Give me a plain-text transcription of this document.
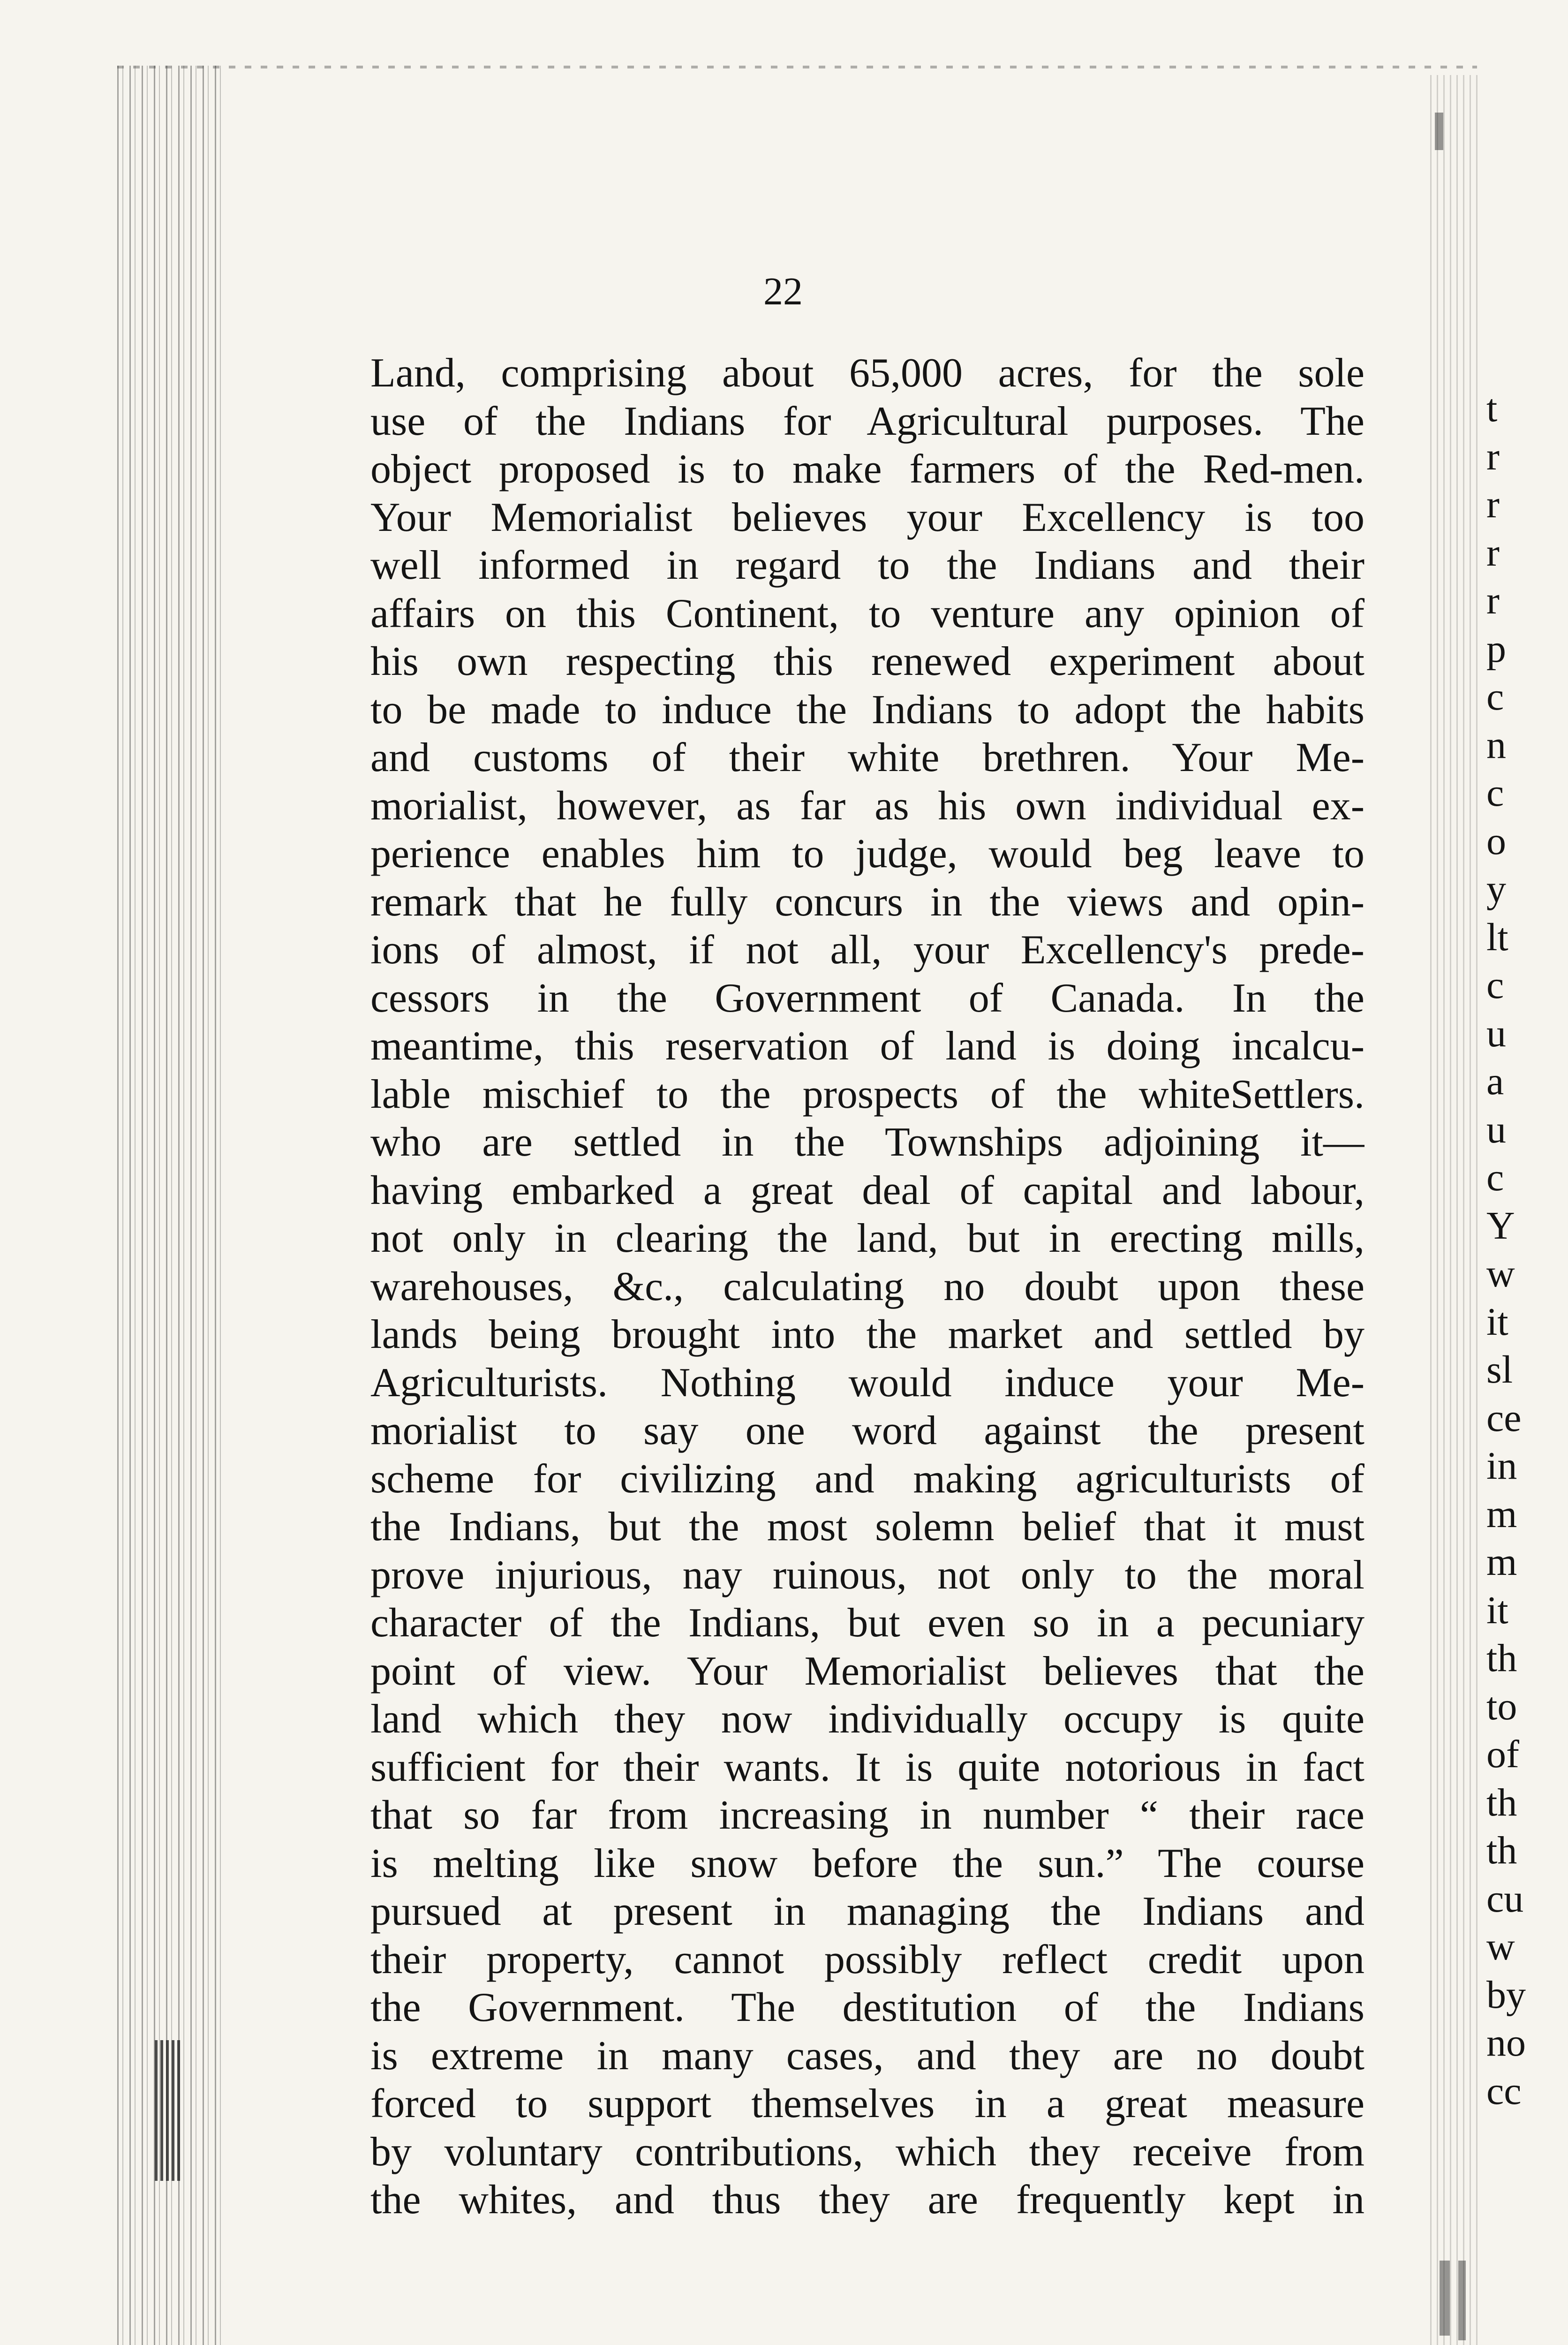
22
Land, comprising about 65,000 acres, for the sole
use of the Indians for Agricultural purposes. The
object proposed is to make farmers of the Red-men.
Your Memorialist believes your Excellency is too
well informed in regard to the Indians and their
affairs on this Continent, to venture any opinion of
his own respecting this renewed experiment about
to be made to induce the Indians to adopt the habits
and customs of their white brethren. Your Me-
morialist, however, as far as his own individual ex-
perience enables him to judge, would beg leave to
remark that he fully concurs in the views and opin-
ions of almost, if not all, your Excellency's prede-
cessors in the Government of Canada. In the
meantime, this reservation of land is doing incalcu-
lable mischief to the prospects of the whiteSettlers.
who are settled in the Townships adjoining it—
having embarked a great deal of capital and labour,
not only in clearing the land, but in erecting mills,
warehouses, &c., calculating no doubt upon these
lands being brought into the market and settled by
Agriculturists. Nothing would induce your Me-
morialist to say one word against the present
scheme for civilizing and making agriculturists of
the Indians, but the most solemn belief that it must
prove injurious, nay ruinous, not only to the moral
character of the Indians, but even so in a pecuniary
point of view. Your Memorialist believes that the
land which they now individually occupy is quite
sufficient for their wants. It is quite notorious in fact
that so far from increasing in number “ their race
is melting like snow before the sun.” The course
pursued at present in managing the Indians and
their property, cannot possibly reflect credit upon
the Government. The destitution of the Indians
is extreme in many cases, and they are no doubt
forced to support themselves in a great measure
by voluntary contributions, which they receive from
the whites, and thus they are frequently kept in
t
r
r
r
r
p
c
n
c
o
y
lt
c
u
a
u
c
Y
w
it
sl
ce
in
m
m
it
th
to
of
th
th
cu
w
by
no
cc
